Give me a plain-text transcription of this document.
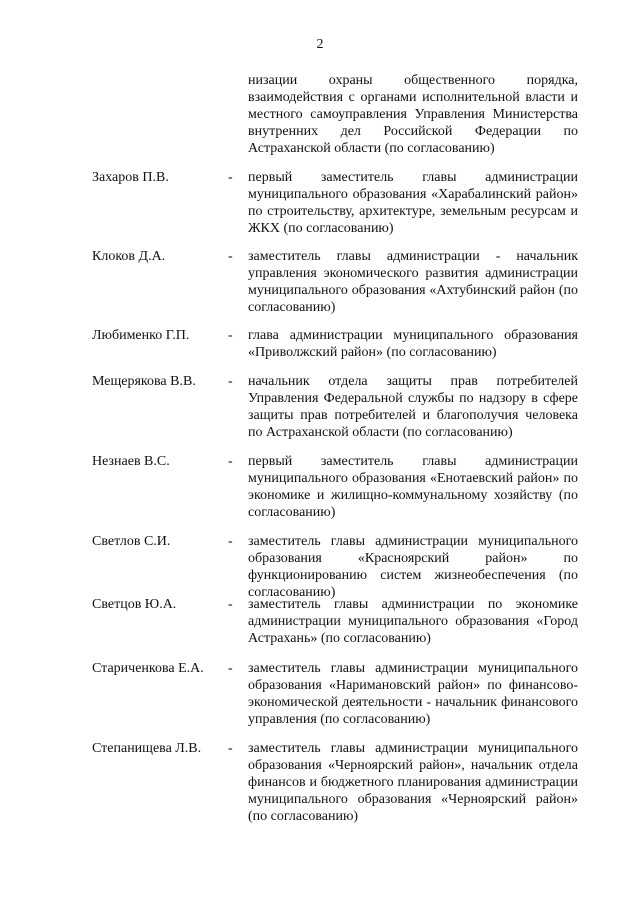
2
низации охраны общественного порядка, взаимодействия с органами исполнительной власти и местного самоуправления Управления Министерства внутренних дел Российской Федерации по Астраханской области (по согласованию)
Захаров П.В.	- первый заместитель главы администрации муниципального образования «Харабалинский район» по строительству, архитектуре, земельным ресурсам и ЖКХ (по согласованию)

Клоков Д.А.	- заместитель главы администрации - начальник управления экономического развития администрации муниципального образования «Ахтубинский район (по согласованию)

Любименко Г.П.	- глава администрации муниципального образования «Приволжский район» (по согласованию)

Мещерякова В.В. - начальник отдела защиты прав потребителей Управления Федеральной службы по надзору в сфере защиты прав потребителей и благополучия человека по Астраханской области (по согласованию)

Незнаев В.С.	- первый заместитель главы администрации муниципального образования «Енотаевский район» по экономике и жилищно-коммунальному хозяйству (по согласованию)

Светлов С.И.	- заместитель главы администрации муниципального образования «Красноярский район» по функционированию систем жизнеобеспечения (по согласованию)

Светцов Ю.А.	- заместитель главы администрации по экономике администрации муниципального образования «Город Астрахань» (по согласованию)

Стариченкова Е.А. - заместитель главы администрации муниципального образования «Наримановский район» по финансово-экономической деятельности - начальник финансового управления (по согласованию)

Степанищева Л.В. - заместитель главы администрации муниципального образования «Черноярский район», начальник отдела финансов и бюджетного планирования администрации муниципального образования «Черноярский район» (по согласованию)
